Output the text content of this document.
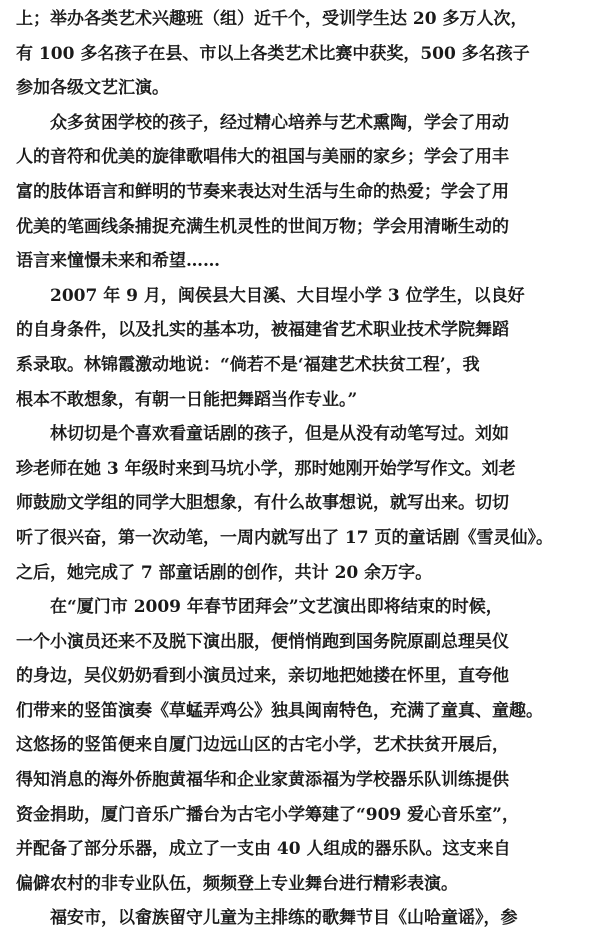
上；举办各类艺术兴趣班（组）近千个，受训学生达 20 多万人次，
有 100 多名孩子在县、市以上各类艺术比赛中获奖，500 多名孩子
参加各级文艺汇演。
众多贫困学校的孩子，经过精心培养与艺术熏陶，学会了用动
人的音符和优美的旋律歌唱伟大的祖国与美丽的家乡；学会了用丰
富的肢体语言和鲜明的节奏来表达对生活与生命的热爱；学会了用
优美的笔画线条捕捉充满生机灵性的世间万物；学会用清晰生动的
语言来憧憬未来和希望……
2007 年 9 月，闽侯县大目溪、大目埕小学 3 位学生，以良好
的自身条件，以及扎实的基本功，被福建省艺术职业技术学院舞蹈
系录取。林锦霞激动地说：“倘若不是‘福建艺术扶贫工程’，我
根本不敢想象，有朝一日能把舞蹈当作专业。”
林切切是个喜欢看童话剧的孩子，但是从没有动笔写过。刘如
珍老师在她 3 年级时来到马坑小学，那时她刚开始学写作文。刘老
师鼓励文学组的同学大胆想象，有什么故事想说，就写出来。切切
听了很兴奋，第一次动笔，一周内就写出了 17 页的童话剧《雪灵仙》。
之后，她完成了 7 部童话剧的创作，共计 20 余万字。
在“厦门市 2009 年春节团拜会”文艺演出即将结束的时候，
一个小演员还来不及脱下演出服，便悄悄跑到国务院原副总理吴仪
的身边，吴仪奶奶看到小演员过来，亲切地把她搂在怀里，直夸他
们带来的竖笛演奏《草蜢弄鸡公》独具闽南特色，充满了童真、童趣。
这悠扬的竖笛便来自厦门边远山区的古宅小学，艺术扶贫开展后，
得知消息的海外侨胞黄福华和企业家黄添福为学校器乐队训练提供
资金捐助，厦门音乐广播台为古宅小学筹建了“909 爱心音乐室”，
并配备了部分乐器，成立了一支由 40 人组成的器乐队。这支来自
偏僻农村的非专业队伍，频频登上专业舞台进行精彩表演。
福安市，以畲族留守儿童为主排练的歌舞节目《山哈童谣》，参
